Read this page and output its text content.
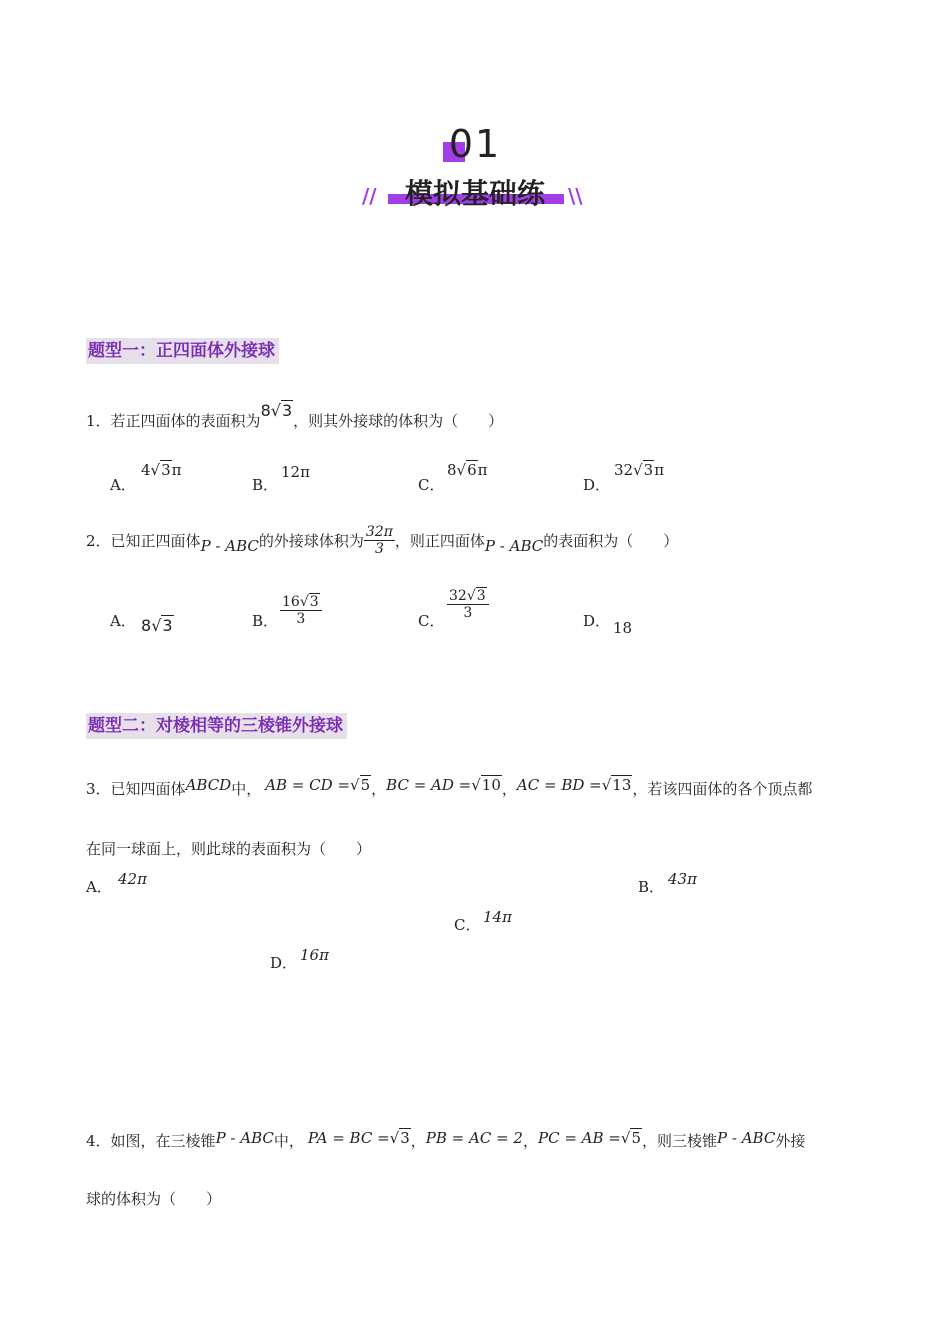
01
模拟基础练
//	\\
题型一：正四面体外接球
1．若正四面体的表面积为8√3，则其外接球的体积为（　　）
A．
4√3π
B．
12π
C．
8√6π
D．
32√3π
2． 已知正四面体 P - ABC 的外接球体积为 $\frac{32\pi}{3}$ ，则正四面体 P - ABC 的表面积为（　　）
A． 8√3	B． $\frac{16√3}{3}$	C． $\frac{32√3}{3}$	D． 18
题型二：对棱相等的三棱锥外接球
3．已知四面体ABCD中， AB = CD =√5，BC = AD =√10，AC = BD =√13，若该四面体的各个顶点都
在同一球面上，则此球的表面积为（　　）
A． 42π	B． 43π
C． 14π
D． 16π
4．如图，在三棱锥P - ABC中， PA = BC =√3，PB = AC = 2，PC = AB =√5，则三棱锥P - ABC外接
球的体积为（　　）
